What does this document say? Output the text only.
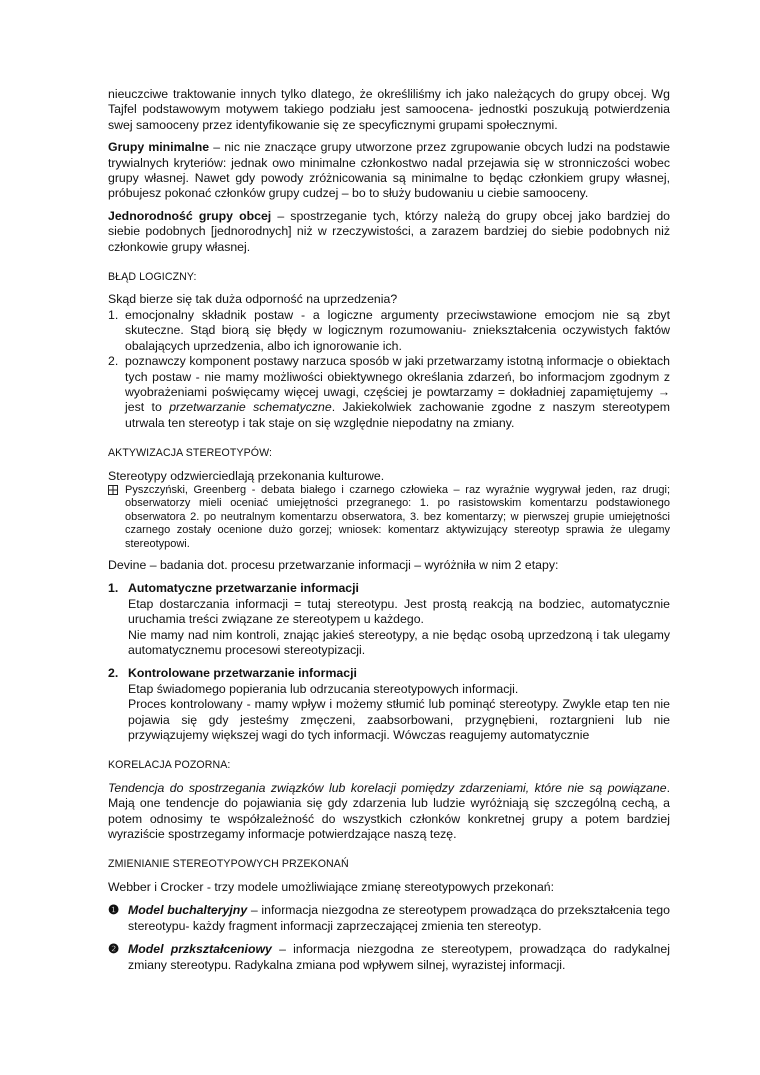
nieuczciwe traktowanie innych tylko dlatego, że określiliśmy ich jako należących do grupy obcej. Wg Tajfel podstawowym motywem takiego podziału jest samoocena- jednostki poszukują potwierdzenia swej samooceny przez identyfikowanie się ze specyficznymi grupami społecznymi.

Grupy minimalne – nic nie znaczące grupy utworzone przez zgrupowanie obcych ludzi na podstawie trywialnych kryteriów: jednak owo minimalne członkostwo nadal przejawia się w stronniczości wobec grupy własnej. Nawet gdy powody zróżnicowania są minimalne to będąc członkiem grupy własnej, próbujesz pokonać członków grupy cudzej – bo to służy budowaniu u ciebie samooceny.

Jednorodność grupy obcej – spostrzeganie tych, którzy należą do grupy obcej jako bardziej do siebie podobnych [jednorodnych] niż w rzeczywistości, a zarazem bardziej do siebie podobnych niż członkowie grupy własnej.

BŁĄD LOGICZNY:

Skąd bierze się tak duża odporność na uprzedzenia?

1. emocjonalny składnik postaw - a logiczne argumenty przeciwstawione emocjom nie są zbyt skuteczne. Stąd biorą się błędy w logicznym rozumowaniu- zniekształcenia oczywistych faktów obalających uprzedzenia, albo ich ignorowanie ich.
2. poznawczy komponent postawy narzuca sposób w jaki przetwarzamy istotną informacje o obiektach tych postaw - nie mamy możliwości obiektywnego określania zdarzeń, bo informacjom zgodnym z wyobrażeniami poświęcamy więcej uwagi, częściej je powtarzamy = dokładniej zapamiętujemy → jest to przetwarzanie schematyczne. Jakiekolwiek zachowanie zgodne z naszym stereotypem utrwala ten stereotyp i tak staje on się względnie niepodatny na zmiany.

AKTYWIZACJA STEREOTYPÓW:

Stereotypy odzwierciedlają przekonania kulturowe.

Pyszczyński, Greenberg - debata białego i czarnego człowieka – raz wyraźnie wygrywał jeden, raz drugi; obserwatorzy mieli oceniać umiejętności przegranego: 1. po rasistowskim komentarzu podstawionego obserwatora 2. po neutralnym komentarzu obserwatora, 3. bez komentarzy; w pierwszej grupie umiejętności czarnego zostały ocenione dużo gorzej; wniosek: komentarz aktywizujący stereotyp sprawia że ulegamy stereotypowi.

Devine – badania dot. procesu przetwarzanie informacji – wyróżniła w nim 2 etapy:

1. Automatyczne przetwarzanie informacji
Etap dostarczania informacji = tutaj stereotypu. Jest prostą reakcją na bodziec, automatycznie uruchamia treści związane ze stereotypem u każdego.
Nie mamy nad nim kontroli, znając jakieś stereotypy, a nie będąc osobą uprzedzoną i tak ulegamy automatycznemu procesowi stereotypizacji.
2. Kontrolowane przetwarzanie informacji
Etap świadomego popierania lub odrzucania stereotypowych informacji.
Proces kontrolowany - mamy wpływ i możemy stłumić lub pominąć stereotypy. Zwykle etap ten nie pojawia się gdy jesteśmy zmęczeni, zaabsorbowani, przygnębieni, roztargnieni lub nie przywiązujemy większej wagi do tych informacji. Wówczas reagujemy automatycznie

KORELACJA POZORNA:

Tendencja do spostrzegania związków lub korelacji pomiędzy zdarzeniami, które nie są powiązane. Mają one tendencje do pojawiania się gdy zdarzenia lub ludzie wyróżniają się szczególną cechą, a potem odnosimy te współzależność do wszystkich członków konkretnej grupy a potem bardziej wyraziście spostrzegamy informacje potwierdzające naszą tezę.

ZMIENIANIE STEREOTYPOWYCH PRZEKONAŃ

Webber i Crocker - trzy modele umożliwiające zmianę stereotypowych przekonań:

❶ Model buchalteryjny – informacja niezgodna ze stereotypem prowadząca do przekształcenia tego stereotypu- każdy fragment informacji zaprzeczającej zmienia ten stereotyp.
❷ Model przkształceniowy – informacja niezgodna ze stereotypem, prowadząca do radykalnej zmiany stereotypu. Radykalna zmiana pod wpływem silnej, wyrazistej informacji.
